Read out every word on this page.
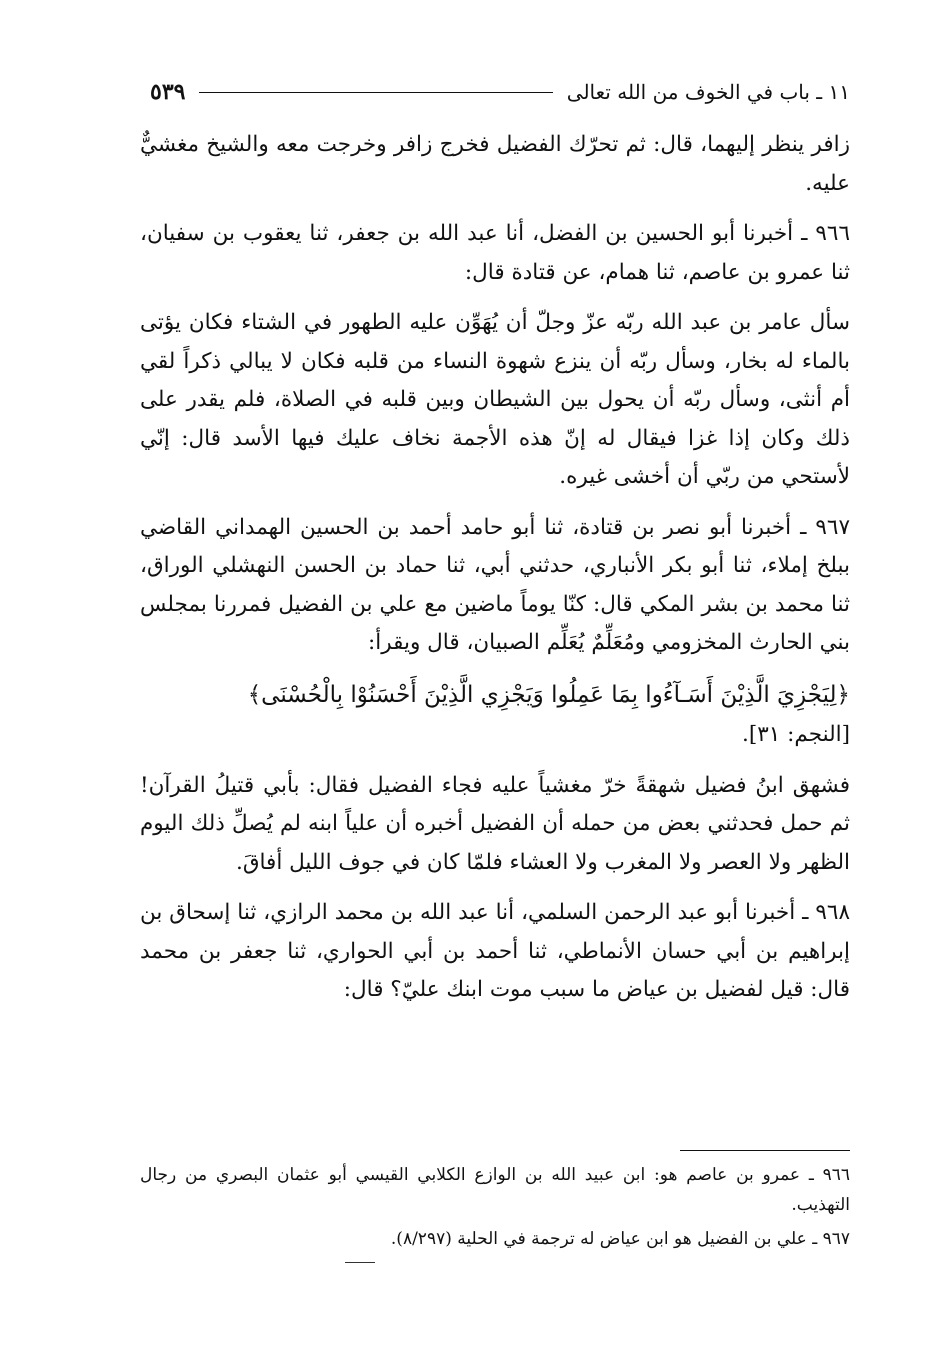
١١ ـ باب في الخوف من الله تعالى
٥٣٩

زافر ينظر إليهما، قال: ثم تحرّك الفضيل فخرج زافر وخرجت معه والشيخ مغشيٌّ عليه.

٩٦٦ ـ أخبرنا أبو الحسين بن الفضل، أنا عبد الله بن جعفر، ثنا يعقوب بن سفيان، ثنا عمرو بن عاصم، ثنا همام، عن قتادة قال:

سأل عامر بن عبد الله ربّه عزّ وجلّ أن يُهَوِّن عليه الطهور في الشتاء فكان يؤتى بالماء له بخار، وسأل ربّه أن ينزع شهوة النساء من قلبه فكان لا يبالي ذكراً لقي أم أنثى، وسأل ربّه أن يحول بين الشيطان وبين قلبه في الصلاة، فلم يقدر على ذلك وكان إذا غزا فيقال له إنّ هذه الأجمة نخاف عليك فيها الأسد قال: إنّي لأستحي من ربّي أن أخشى غيره.

٩٦٧ ـ أخبرنا أبو نصر بن قتادة، ثنا أبو حامد أحمد بن الحسين الهمداني القاضي ببلخ إملاء، ثنا أبو بكر الأنباري، حدثني أبي، ثنا حماد بن الحسن النهشلي الوراق، ثنا محمد بن بشر المكي قال: كنّا يوماً ماضين مع علي بن الفضيل فمررنا بمجلس بني الحارث المخزومي ومُعَلِّمٌ يُعَلِّم الصبيان، قال ويقرأ:

﴿لِيَجْزِيَ الَّذِيْنَ أَسَـآءُوا بِمَا عَمِلُوا وَيَجْزِي الَّذِيْنَ أَحْسَنُوْا بِالْحُسْنَى﴾
[النجم: ٣١].

فشهق ابنُ فضيل شهقةً خرّ مغشياً عليه فجاء الفضيل فقال: بأبي قتيلُ القرآن! ثم حمل فحدثني بعض من حمله أن الفضيل أخبره أن علياً ابنه لم يُصلِّ ذلك اليوم الظهر ولا العصر ولا المغرب ولا العشاء فلمّا كان في جوف الليل أفاقَ.

٩٦٨ ـ أخبرنا أبو عبد الرحمن السلمي، أنا عبد الله بن محمد الرازي، ثنا إسحاق بن إبراهيم بن أبي حسان الأنماطي، ثنا أحمد بن أبي الحواري، ثنا جعفر بن محمد قال: قيل لفضيل بن عياض ما سبب موت ابنك عليّ؟ قال:

٩٦٦ ـ عمرو بن عاصم هو: ابن عبيد الله بن الوازع الكلابي القيسي أبو عثمان البصري من رجال التهذيب.

٩٦٧ ـ علي بن الفضيل هو ابن عياض له ترجمة في الحلية (٨/٢٩٧).
